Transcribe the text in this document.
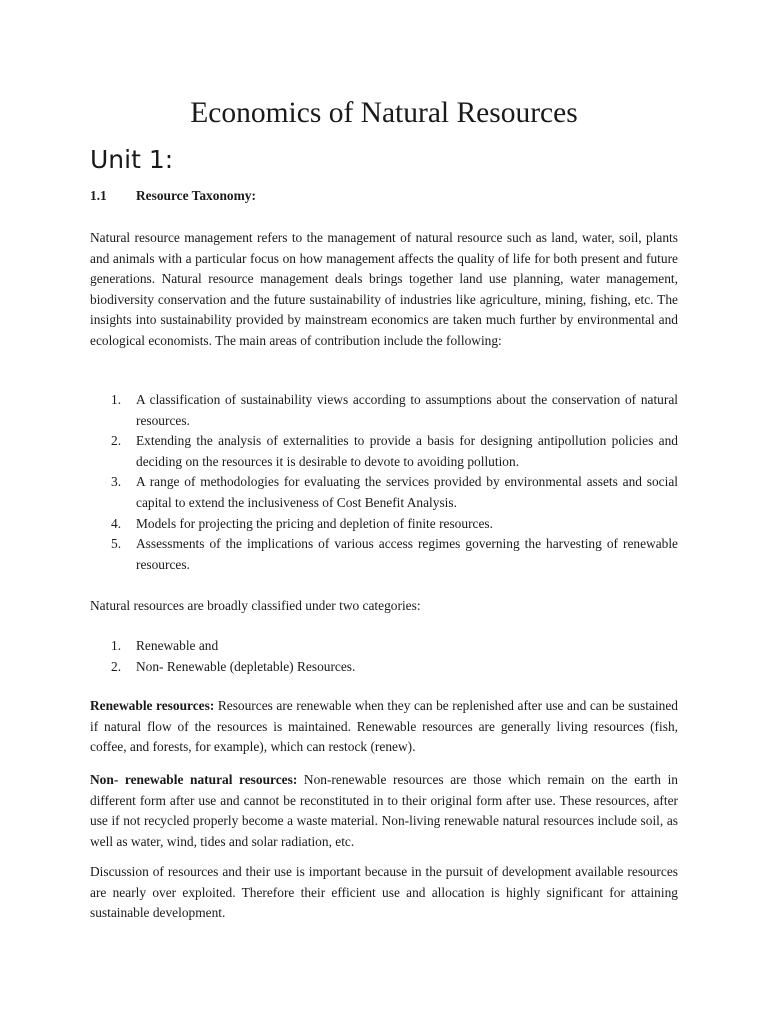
Economics of Natural Resources
Unit 1:
1.1 Resource Taxonomy:

Natural resource management refers to the management of natural resource such as land, water, soil, plants and animals with a particular focus on how management affects the quality of life for both present and future generations. Natural resource management deals brings together land use planning, water management, biodiversity conservation and the future sustainability of industries like agriculture, mining, fishing, etc. The insights into sustainability provided by mainstream economics are taken much further by environmental and ecological economists. The main areas of contribution include the following:

1. A classification of sustainability views according to assumptions about the conservation of natural resources.
2. Extending the analysis of externalities to provide a basis for designing antipollution policies and deciding on the resources it is desirable to devote to avoiding pollution.
3. A range of methodologies for evaluating the services provided by environmental assets and social capital to extend the inclusiveness of Cost Benefit Analysis.
4. Models for projecting the pricing and depletion of finite resources.
5. Assessments of the implications of various access regimes governing the harvesting of renewable resources.

Natural resources are broadly classified under two categories:

1. Renewable and
2. Non- Renewable (depletable) Resources.

Renewable resources: Resources are renewable when they can be replenished after use and can be sustained if natural flow of the resources is maintained. Renewable resources are generally living resources (fish, coffee, and forests, for example), which can restock (renew).

Non- renewable natural resources: Non-renewable resources are those which remain on the earth in different form after use and cannot be reconstituted in to their original form after use. These resources, after use if not recycled properly become a waste material. Non-living renewable natural resources include soil, as well as water, wind, tides and solar radiation, etc.

Discussion of resources and their use is important because in the pursuit of development available resources are nearly over exploited. Therefore their efficient use and allocation is highly significant for attaining sustainable development.
